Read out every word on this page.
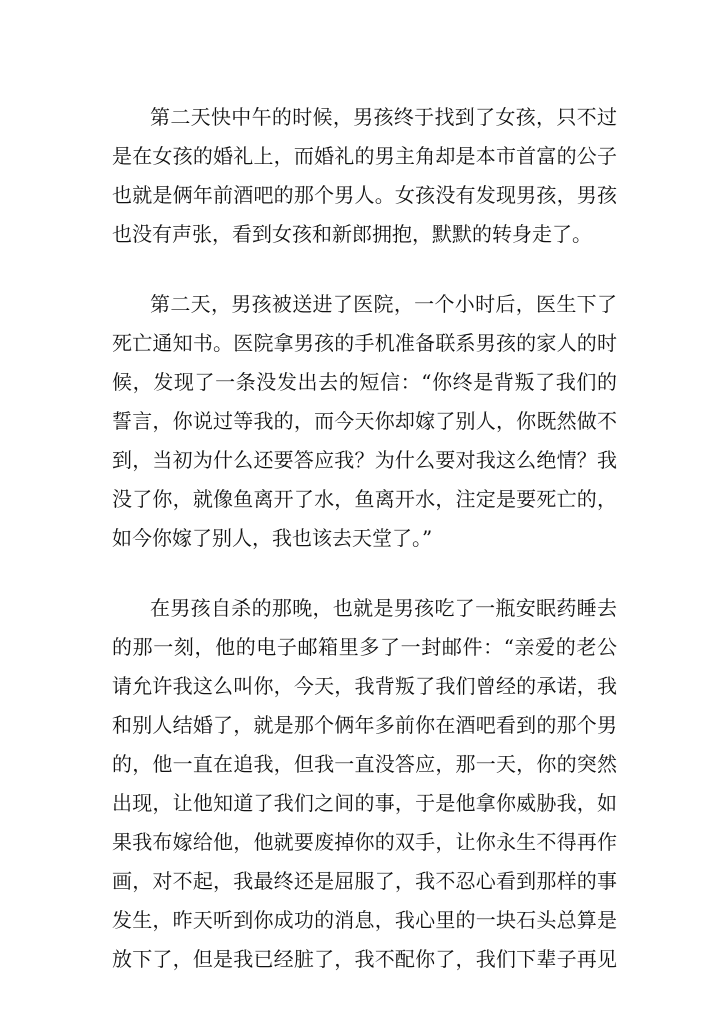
第二天快中午的时候，男孩终于找到了女孩，只不过
是在女孩的婚礼上，而婚礼的男主角却是本市首富的公子
也就是俩年前酒吧的那个男人。女孩没有发现男孩，男孩
也没有声张，看到女孩和新郎拥抱，默默的转身走了。
第二天，男孩被送进了医院，一个小时后，医生下了
死亡通知书。医院拿男孩的手机准备联系男孩的家人的时
候，发现了一条没发出去的短信：“你终是背叛了我们的
誓言，你说过等我的，而今天你却嫁了别人，你既然做不
到，当初为什么还要答应我？为什么要对我这么绝情？我
没了你，就像鱼离开了水，鱼离开水，注定是要死亡的，
如今你嫁了别人，我也该去天堂了。”
在男孩自杀的那晚，也就是男孩吃了一瓶安眠药睡去
的那一刻，他的电子邮箱里多了一封邮件：“亲爱的老公
请允许我这么叫你，今天，我背叛了我们曾经的承诺，我
和别人结婚了，就是那个俩年多前你在酒吧看到的那个男
的，他一直在追我，但我一直没答应，那一天，你的突然
出现，让他知道了我们之间的事，于是他拿你威胁我，如
果我布嫁给他，他就要废掉你的双手，让你永生不得再作
画，对不起，我最终还是屈服了，我不忍心看到那样的事
发生，昨天听到你成功的消息，我心里的一块石头总算是
放下了，但是我已经脏了，我不配你了，我们下辈子再见
